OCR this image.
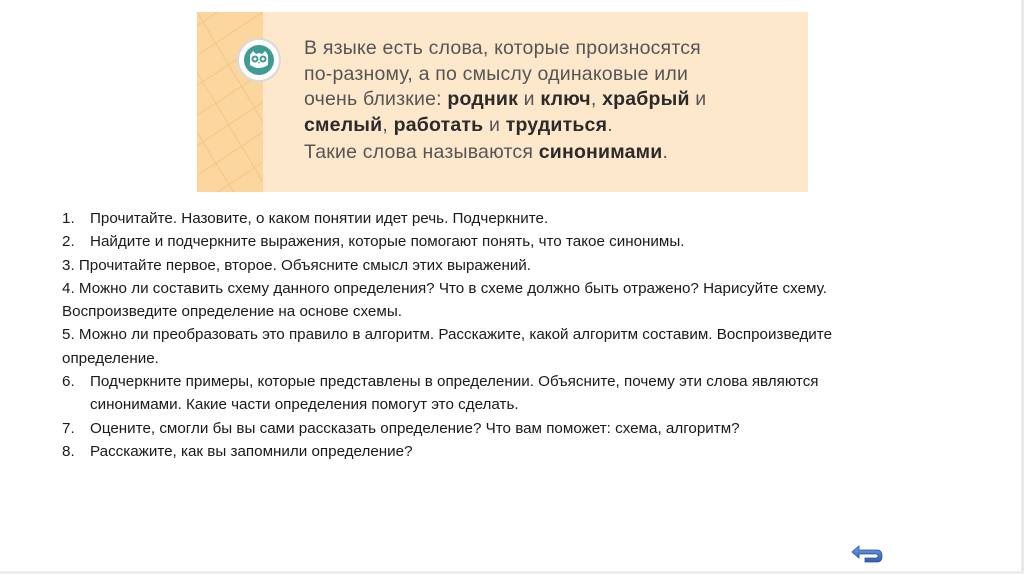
В языке есть слова, которые произносятся
по-разному, а по смыслу одинаковые или
очень близкие: родник и ключ, храбрый и
смелый, работать и трудиться.
Такие слова называются синонимами.
1. Прочитайте. Назовите, о каком понятии идет речь. Подчеркните.
2. Найдите и подчеркните выражения, которые помогают понять, что такое синонимы.
3. Прочитайте первое, второе. Объясните смысл этих выражений.
4. Можно ли составить схему данного определения? Что в схеме должно быть отражено? Нарисуйте схему.
Воспроизведите определение на основе схемы.
5. Можно ли преобразовать это правило в алгоритм. Расскажите, какой алгоритм составим. Воспроизведите
определение.
6. Подчеркните примеры, которые представлены в определении. Объясните, почему эти слова являются
синонимами. Какие части определения помогут это сделать.
7. Оцените, смогли бы вы сами рассказать определение? Что вам поможет: схема, алгоритм?
8. Расскажите, как вы запомнили определение?
